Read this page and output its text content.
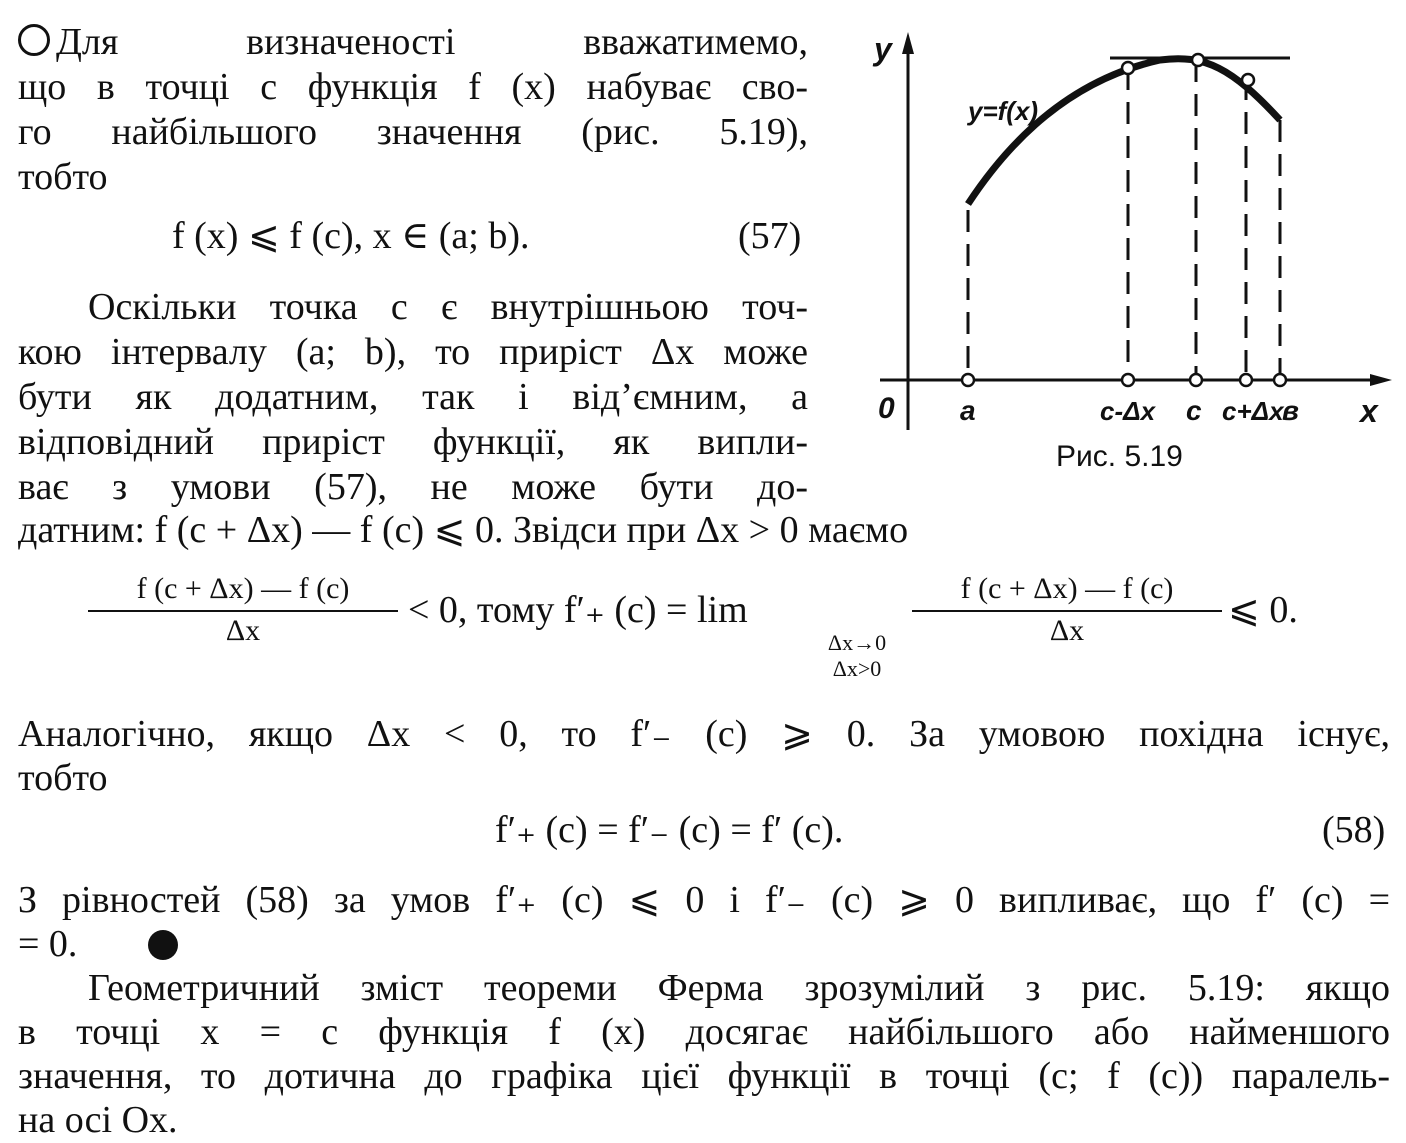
Для визначеності вважатимемо,
що в точці c функція f (x) набуває сво-
го найбільшого значення (рис. 5.19),
тобто
f (x) ⩽ f (c), x ∈ (a; b).	(57)
Оскільки точка c є внутрішньою точ-
кою інтервалу (a; b), то приріст Δx може
бути як додатним, так і від’ємним, а
відповідний приріст функції, як випли-
ває з умови (57), не може бути до-
датним: f (c + Δx) — f (c) ⩽ 0. Звідси при Δx > 0 маємо
f (c + Δx) — f (c)
Δx	< 0, тому f′₊ (c) = lim
Δx→0
Δx>0
f (c + Δx) — f (c)
Δx	⩽ 0.
Аналогічно, якщо Δx < 0, то f′₋ (c) ⩾ 0. За умовою похідна існує,
тобто
f′₊ (c) = f′₋ (c) = f′ (c).	(58)
З рівностей (58) за умов f′₊ (c) ⩽ 0 і f′₋ (c) ⩾ 0 випливає, що f′ (c) =
= 0.
Геометричний зміст теореми Ферма зрозумілий з рис. 5.19: якщо
в точці x = c функція f (x) досягає найбільшого або найменшого
значення, то дотична до графіка цієї функції в точці (c; f (c)) паралель-
на осі Ox.
y
x
0
y=f(x)
a	c-Δx c c+Δx
в
Рис. 5.19
